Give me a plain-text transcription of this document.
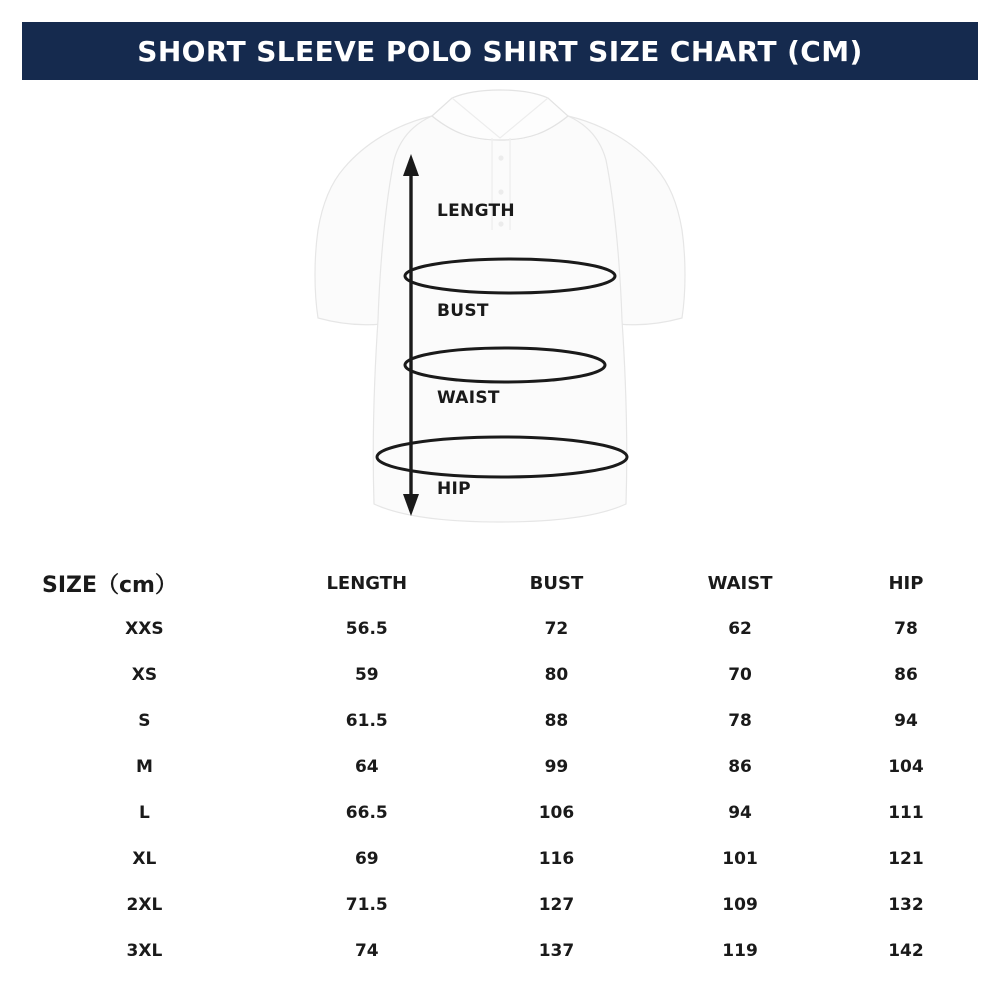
SHORT SLEEVE POLO SHIRT SIZE CHART (CM)
LENGTH
BUST
WAIST
HIP
SIZE（cm）	LENGTH	BUST	WAIST	HIP
XXS	56.5	72	62	78
XS	59	80	70	86
S	61.5	88	78	94
M	64	99	86	104
L	66.5	106	94	111
XL	69	116	101	121
2XL	71.5	127	109	132
3XL	74	137	119	142
